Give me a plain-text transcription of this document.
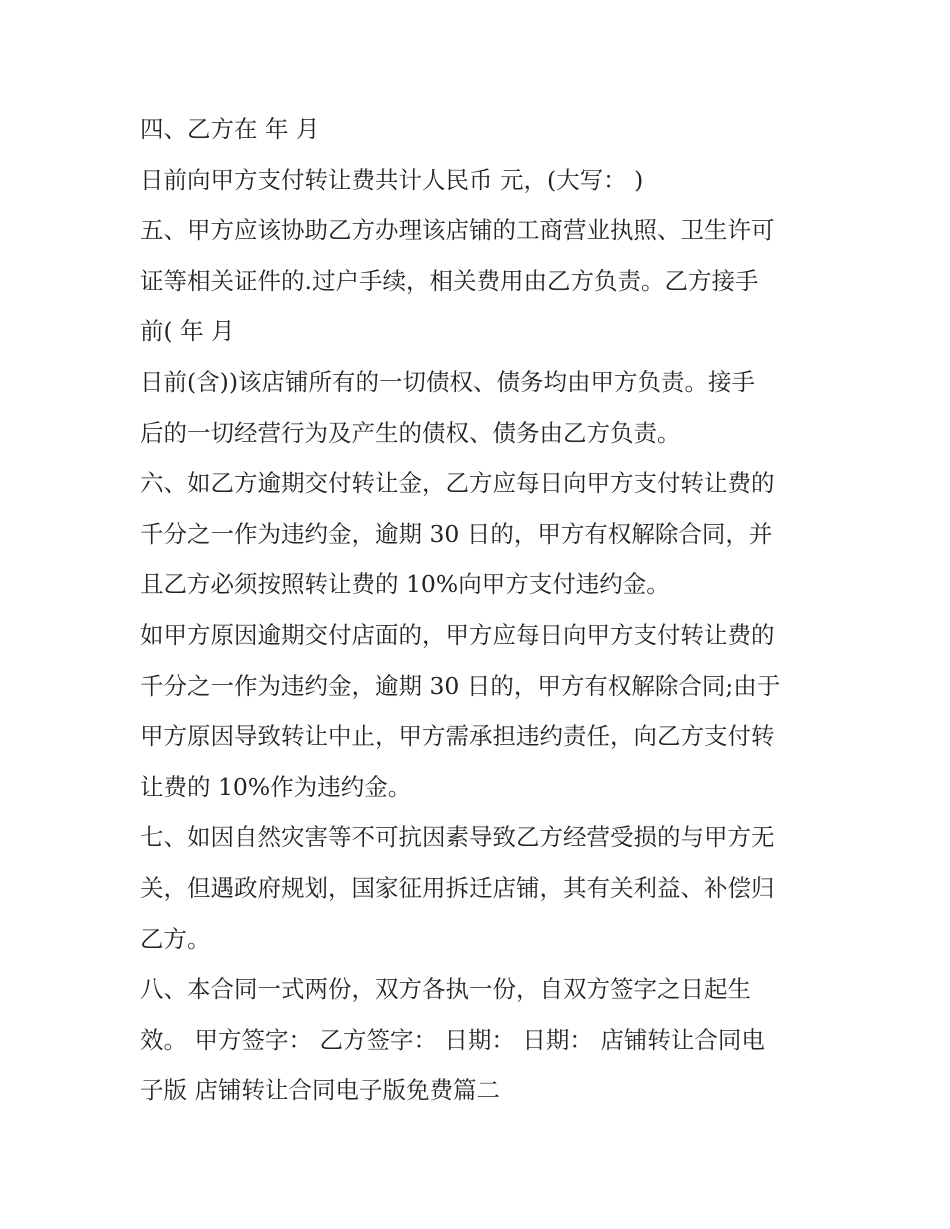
四、乙方在 年 月
日前向甲方支付转让费共计人民币 元，(大写： )
五、甲方应该协助乙方办理该店铺的工商营业执照、卫生许可
证等相关证件的.过户手续，相关费用由乙方负责。乙方接手
前( 年 月
日前(含))该店铺所有的一切债权、债务均由甲方负责。接手
后的一切经营行为及产生的债权、债务由乙方负责。
六、如乙方逾期交付转让金，乙方应每日向甲方支付转让费的
千分之一作为违约金，逾期 30 日的，甲方有权解除合同，并
且乙方必须按照转让费的 10%向甲方支付违约金。
如甲方原因逾期交付店面的，甲方应每日向甲方支付转让费的
千分之一作为违约金，逾期 30 日的，甲方有权解除合同;由于
甲方原因导致转让中止，甲方需承担违约责任，向乙方支付转
让费的 10%作为违约金。
七、如因自然灾害等不可抗因素导致乙方经营受损的与甲方无
关，但遇政府规划，国家征用拆迁店铺，其有关利益、补偿归
乙方。
八、本合同一式两份，双方各执一份，自双方签字之日起生
效。 甲方签字： 乙方签字： 日期： 日期： 店铺转让合同电
子版 店铺转让合同电子版免费篇二
